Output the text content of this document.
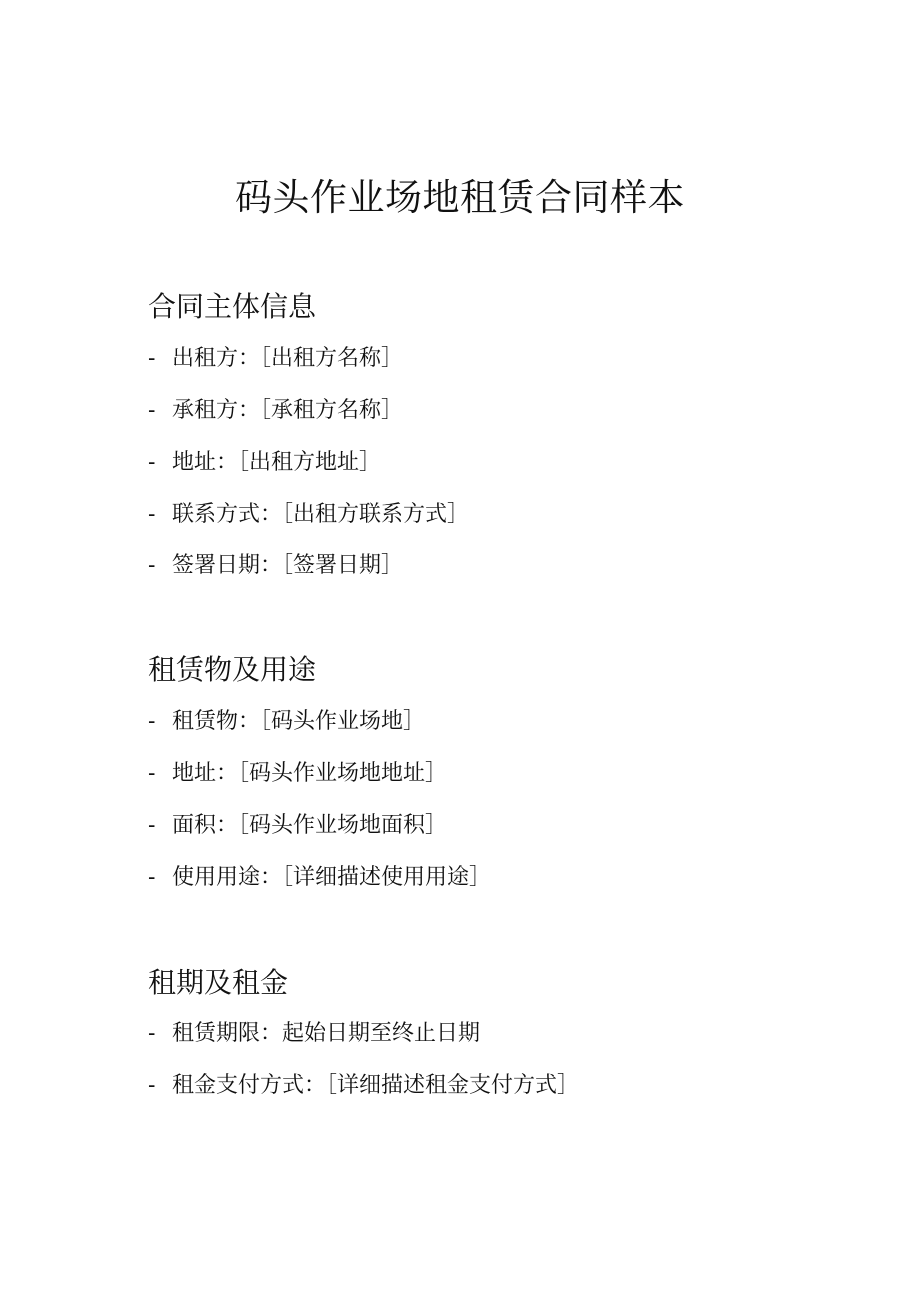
码头作业场地租赁合同样本
合同主体信息
- 出租方：［出租方名称］
- 承租方：［承租方名称］
- 地址：［出租方地址］
- 联系方式：［出租方联系方式］
- 签署日期：［签署日期］
租赁物及用途
- 租赁物：［码头作业场地］
- 地址：［码头作业场地地址］
- 面积：［码头作业场地面积］
- 使用用途：［详细描述使用用途］
租期及租金
- 租赁期限：起始日期至终止日期
- 租金支付方式：［详细描述租金支付方式］
